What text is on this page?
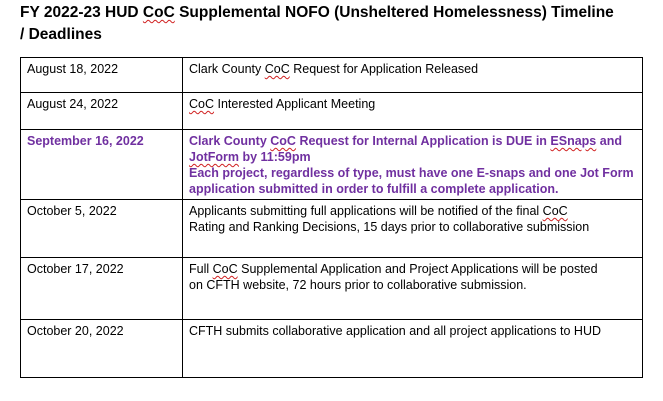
FY 2022-23 HUD CoC Supplemental NOFO (Unsheltered Homelessness) Timeline
/ Deadlines
August 18, 2022	Clark County CoC Request for Application Released
August 24, 2022	CoC Interested Applicant Meeting
September 16, 2022	Clark County CoC Request for Internal Application is DUE in ESnaps and
JotForm by 11:59pm
Each project, regardless of type, must have one E-snaps and one Jot Form
application submitted in order to fulfill a complete application.

October 5, 2022	Applicants submitting full applications will be notified of the final CoC
Rating and Ranking Decisions, 15 days prior to collaborative submission

October 17, 2022	Full CoC Supplemental Application and Project Applications will be posted
on CFTH website, 72 hours prior to collaborative submission.

October 20, 2022	CFTH submits collaborative application and all project applications to HUD
